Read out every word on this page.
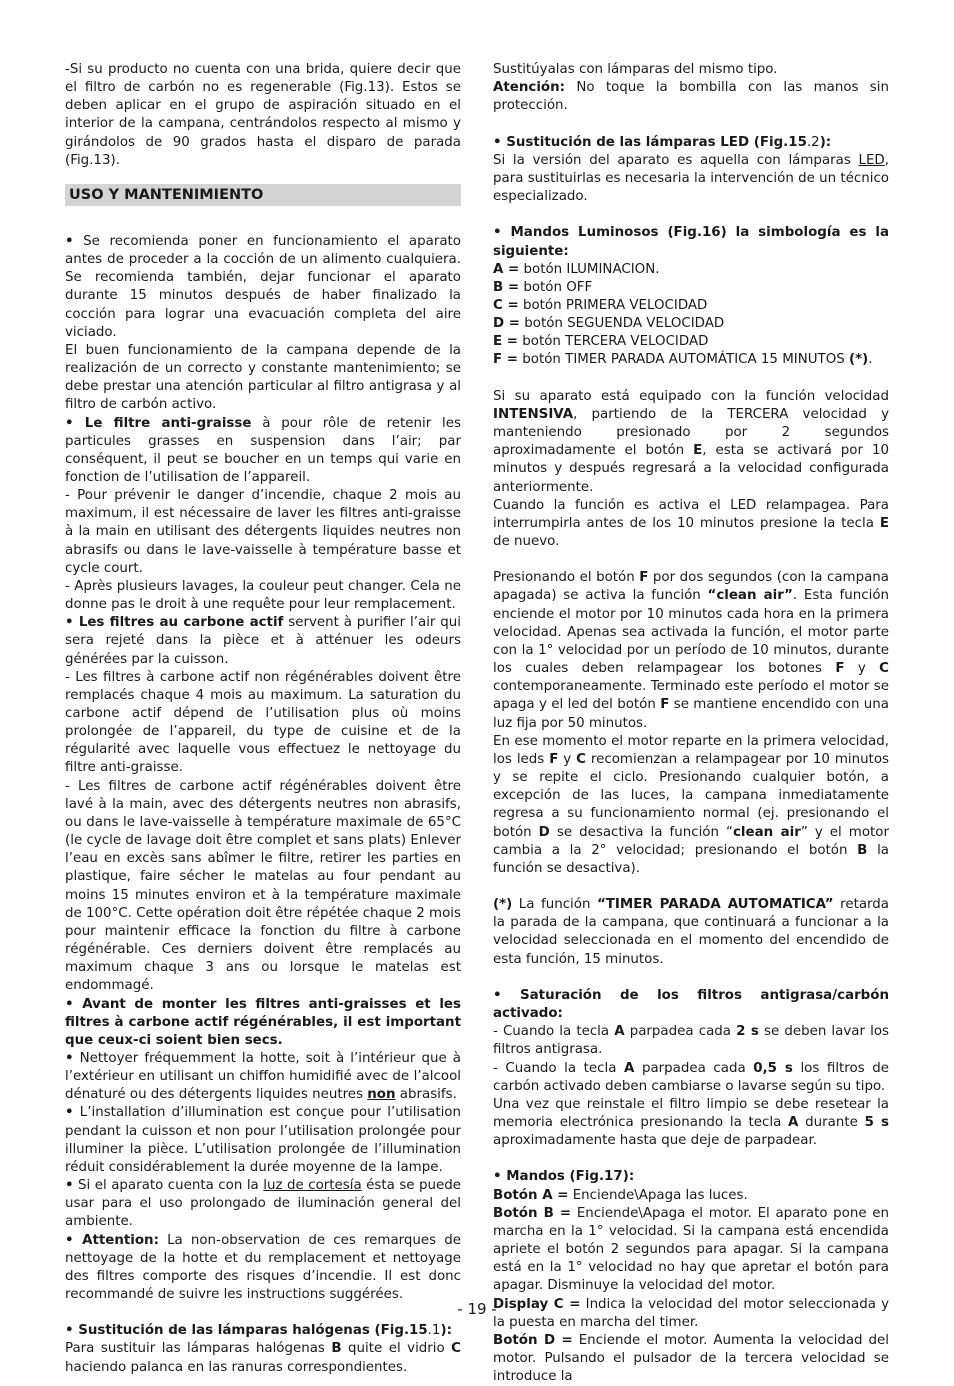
-Si su producto no cuenta con una brida, quiere decir que el filtro de carbón no es regenerable (Fig.13). Estos se deben aplicar en el grupo de aspiración situado en el interior de la campana, centrándolos respecto al mismo y girándolos de 90 grados hasta el disparo de parada (Fig.13).

USO Y MANTENIMIENTO

• Se recomienda poner en funcionamiento el aparato antes de proceder a la cocción de un alimento cualquiera. Se recomienda también, dejar funcionar el aparato durante 15 minutos después de haber finalizado la cocción para lograr una evacuación completa del aire viciado.

El buen funcionamiento de la campana depende de la realización de un correcto y constante mantenimiento; se debe prestar una atención particular al filtro antigrasa y al filtro de carbón activo.

• Le filtre anti-graisse à pour rôle de retenir les particules grasses en suspension dans l’air; par conséquent, il peut se boucher en un temps qui varie en fonction de l’utilisation de l’appareil.

- Pour prévenir le danger d’incendie, chaque 2 mois au maximum, il est nécessaire de laver les filtres anti-graisse à la main en utilisant des détergents liquides neutres non abrasifs ou dans le lave-vaisselle à température basse et cycle court.

- Après plusieurs lavages, la couleur peut changer. Cela ne donne pas le droit à une requête pour leur remplacement.

• Les filtres au carbone actif servent à purifier l’air qui sera rejeté dans la pièce et à atténuer les odeurs générées par la cuisson.

- Les filtres à carbone actif non régénérables doivent être remplacés chaque 4 mois au maximum. La saturation du carbone actif dépend de l’utilisation plus où moins prolongée de l’appareil, du type de cuisine et de la régularité avec laquelle vous effectuez le nettoyage du filtre anti-graisse.

- Les filtres de carbone actif régénérables doivent être lavé à la main, avec des détergents neutres non abrasifs, ou dans le lave-vaisselle à température maximale de 65°C (le cycle de lavage doit être complet et sans plats) Enlever l’eau en excès sans abîmer le filtre, retirer les parties en plastique, faire sécher le matelas au four pendant au moins 15 minutes environ et à la température maximale de 100°C. Cette opération doit être répétée chaque 2 mois pour maintenir efficace la fonction du filtre à carbone régénérable. Ces derniers doivent être remplacés au maximum chaque 3 ans ou lorsque le matelas est endommagé.

• Avant de monter les filtres anti-graisses et les filtres à carbone actif régénérables, il est important que ceux-ci soient bien secs.

• Nettoyer fréquemment la hotte, soit à l’intérieur que à l’extérieur en utilisant un chiffon humidifié avec de l’alcool dénaturé ou des détergents liquides neutres non abrasifs.

• L’installation d’illumination est conçue pour l’utilisation pendant la cuisson et non pour l’utilisation prolongée pour illuminer la pièce. L’utilisation prolongée de l’illumination réduit considérablement la durée moyenne de la lampe.

• Si el aparato cuenta con la luz de cortesía ésta se puede usar para el uso prolongado de iluminación general del ambiente.

• Attention: La non-observation de ces remarques de nettoyage de la hotte et du remplacement et nettoyage des filtres comporte des risques d’incendie. Il est donc recommandé de suivre les instructions suggérées.

• Sustitución de las lámparas halógenas (Fig.15.1):

Para sustituir las lámparas halógenas B quite el vidrio C haciendo palanca en las ranuras correspondientes.

Sustitúyalas con lámparas del mismo tipo.

Atención: No toque la bombilla con las manos sin protección.

• Sustitución de las lámparas LED (Fig.15.2):

Si la versión del aparato es aquella con lámparas LED, para sustituirlas es necesaria la intervención de un técnico especializado.

• Mandos Luminosos (Fig.16) la simbología es la siguiente:

A = botón ILUMINACION.

B = botón OFF

C = botón PRIMERA VELOCIDAD

D = botón SEGUENDA VELOCIDAD

E = botón TERCERA VELOCIDAD

F = botón TIMER PARADA AUTOMÁTICA 15 MINUTOS (*).

Si su aparato está equipado con la función velocidad INTENSIVA, partiendo de la TERCERA velocidad y manteniendo presionado por 2 segundos aproximadamente el botón E, esta se activará por 10 minutos y después regresará a la velocidad configurada anteriormente.

Cuando la función es activa el LED relampagea. Para interrumpirla antes de los 10 minutos presione la tecla E de nuevo.

Presionando el botón F por dos segundos (con la campana apagada) se activa la función “clean air”. Esta función enciende el motor por 10 minutos cada hora en la primera velocidad. Apenas sea activada la función, el motor parte con la 1° velocidad por un período de 10 minutos, durante los cuales deben relampagear los botones F y C contemporaneamente. Terminado este período el motor se apaga y el led del botón F se mantiene encendido con una luz fija por 50 minutos.

En ese momento el motor reparte en la primera velocidad, los leds F y C recomienzan a relampagear por 10 minutos y se repite el ciclo. Presionando cualquier botón, a excepción de las luces, la campana inmediatamente regresa a su funcionamiento normal (ej. presionando el botón D se desactiva la función “clean air” y el motor cambia a la 2° velocidad; presionando el botón B la función se desactiva).

(*) La función “TIMER PARADA AUTOMATICA” retarda la parada de la campana, que continuará a funcionar a la velocidad seleccionada en el momento del encendido de esta función, 15 minutos.

• Saturación de los filtros antigrasa/carbón activado:

- Cuando la tecla A parpadea cada 2 s se deben lavar los filtros antigrasa.

- Cuando la tecla A parpadea cada 0,5 s los filtros de carbón activado deben cambiarse o lavarse según su tipo.

Una vez que reinstale el filtro limpio se debe resetear la memoria electrónica presionando la tecla A durante 5 s aproximadamente hasta que deje de parpadear.

• Mandos (Fig.17):

Botón A = Enciende\Apaga las luces.

Botón B = Enciende\Apaga el motor. El aparato pone en marcha en la 1° velocidad. Si la campana está encendida apriete el botón 2 segundos para apagar. Si la campana está en la 1° velocidad no hay que apretar el botón para apagar. Disminuye la velocidad del motor.

Display C = Indica la velocidad del motor seleccionada y la puesta en marcha del timer.

Botón D = Enciende el motor. Aumenta la velocidad del motor. Pulsando el pulsador de la tercera velocidad se introduce la

- 19 -
